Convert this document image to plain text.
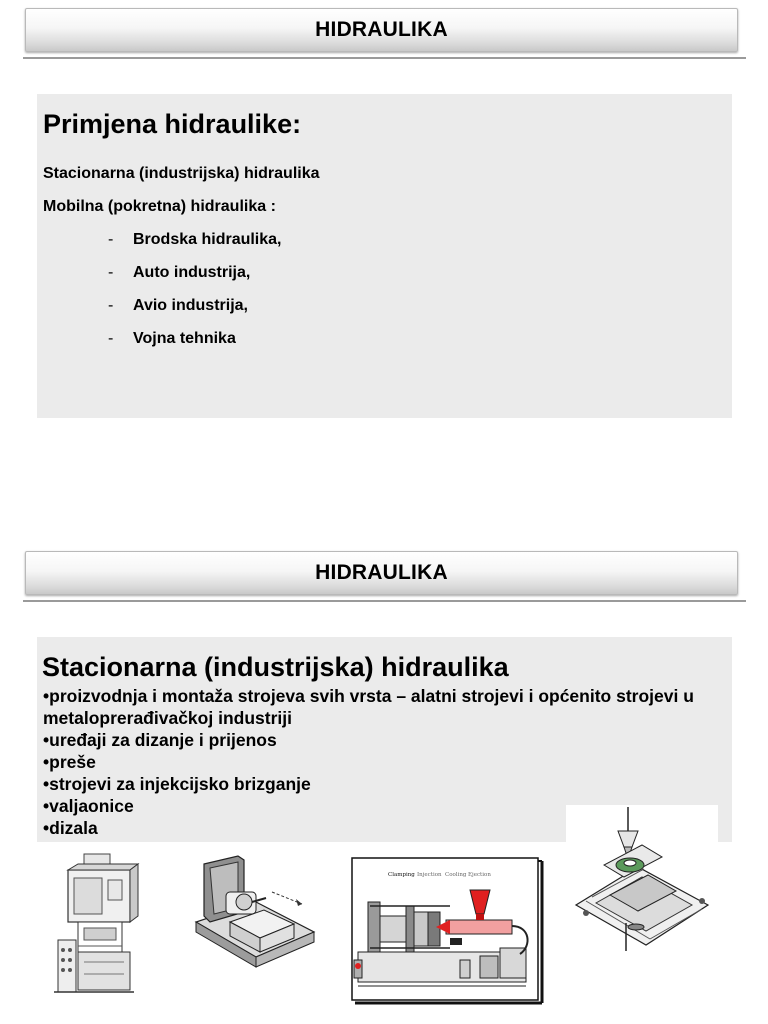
HIDRAULIKA
Primjena hidraulike:
Stacionarna (industrijska) hidraulika
Mobilna (pokretna) hidraulika :
- Brodska hidraulika,
- Auto industrija,
- Avio industrija,
- Vojna tehnika
HIDRAULIKA
Stacionarna (industrijska) hidraulika
•proizvodnja i montaža strojeva svih vrsta – alatni strojevi i općenito strojevi u
metaloprerađivačkoj industriji
•uređaji za dizanje i prijenos
•preše
•strojevi za injekcijsko brizganje
•valjaonice
•dizala
Clamping Injection Cooling Ejection
